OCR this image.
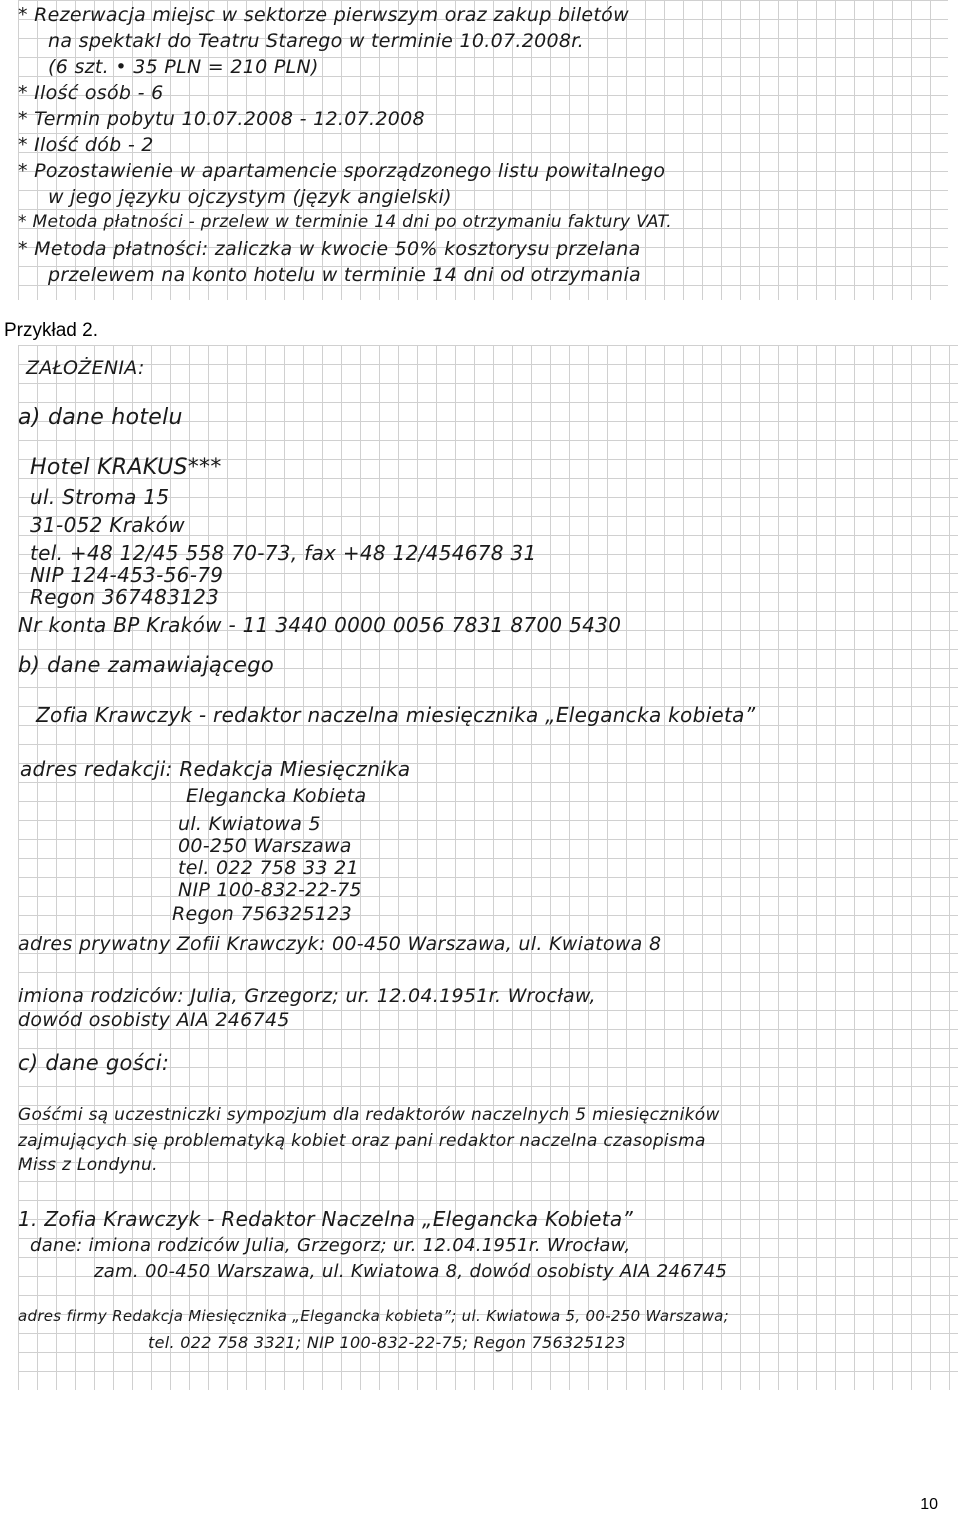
* Rezerwacja miejsc w sektorze pierwszym oraz zakup biletów
na spektakl do Teatru Starego w terminie 10.07.2008r.
(6 szt. • 35 PLN = 210 PLN)
* Ilość osób - 6
* Termin pobytu 10.07.2008 - 12.07.2008
* Ilość dób - 2
* Pozostawienie w apartamencie sporządzonego listu powitalnego
w jego języku ojczystym (język angielski)
* Metoda płatności - przelew w terminie 14 dni po otrzymaniu faktury VAT.
* Metoda płatności: zaliczka w kwocie 50% kosztorysu przelana
przelewem na konto hotelu w terminie 14 dni od otrzymania
Przykład 2.
ZAŁOŻENIA:
a) dane hotelu
Hotel KRAKUS***
ul. Stroma 15
31-052 Kraków
tel. +48 12/45 558 70-73, fax +48 12/454678 31
NIP 124-453-56-79
Regon 367483123
Nr konta BP Kraków - 11 3440 0000 0056 7831 8700 5430
b) dane zamawiającego
Zofia Krawczyk - redaktor naczelna miesięcznika „Elegancka kobieta”
adres redakcji: Redakcja Miesięcznika
Elegancka Kobieta
ul. Kwiatowa 5
00-250 Warszawa
tel. 022 758 33 21
NIP 100-832-22-75
Regon 756325123
adres prywatny Zofii Krawczyk: 00-450 Warszawa, ul. Kwiatowa 8
imiona rodziców: Julia, Grzegorz; ur. 12.04.1951r. Wrocław,
dowód osobisty AIA 246745
c) dane gości:
Gośćmi są uczestniczki sympozjum dla redaktorów naczelnych 5 miesięczników
zajmujących się problematyką kobiet oraz pani redaktor naczelna czasopisma
Miss z Londynu.
1. Zofia Krawczyk - Redaktor Naczelna „Elegancka Kobieta”
dane: imiona rodziców Julia, Grzegorz; ur. 12.04.1951r. Wrocław,
zam. 00-450 Warszawa, ul. Kwiatowa 8, dowód osobisty AIA 246745
adres firmy Redakcja Miesięcznika „Elegancka kobieta”; ul. Kwiatowa 5, 00-250 Warszawa;
tel. 022 758 3321; NIP 100-832-22-75; Regon 756325123
10
